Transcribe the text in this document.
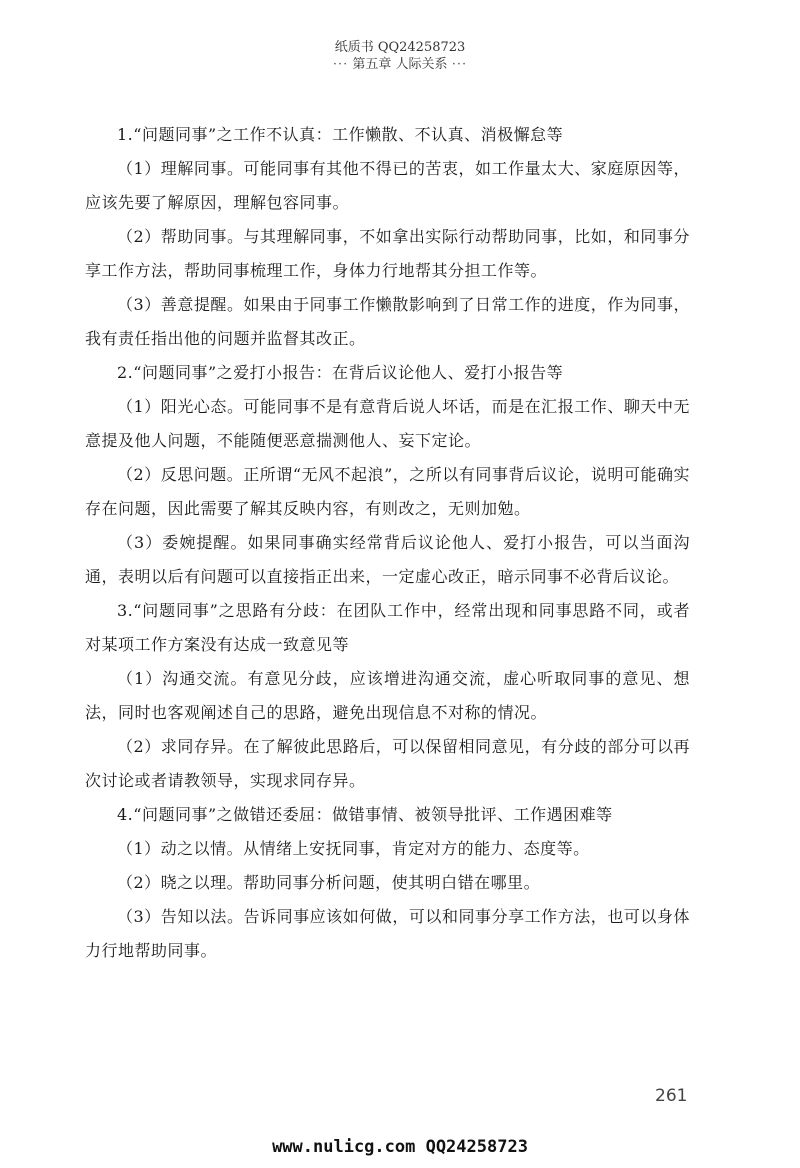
纸质书 QQ24258723
··· 第五章 人际关系 ···

1.“问题同事”之工作不认真：工作懒散、不认真、消极懈怠等

（1）理解同事。可能同事有其他不得已的苦衷，如工作量太大、家庭原因等，应该先要了解原因，理解包容同事。

（2）帮助同事。与其理解同事，不如拿出实际行动帮助同事，比如，和同事分享工作方法，帮助同事梳理工作，身体力行地帮其分担工作等。

（3）善意提醒。如果由于同事工作懒散影响到了日常工作的进度，作为同事，我有责任指出他的问题并监督其改正。

2.“问题同事”之爱打小报告：在背后议论他人、爱打小报告等

（1）阳光心态。可能同事不是有意背后说人坏话，而是在汇报工作、聊天中无意提及他人问题，不能随便恶意揣测他人、妄下定论。

（2）反思问题。正所谓“无风不起浪”，之所以有同事背后议论，说明可能确实存在问题，因此需要了解其反映内容，有则改之，无则加勉。

（3）委婉提醒。如果同事确实经常背后议论他人、爱打小报告，可以当面沟通，表明以后有问题可以直接指正出来，一定虚心改正，暗示同事不必背后议论。

3.“问题同事”之思路有分歧：在团队工作中，经常出现和同事思路不同，或者对某项工作方案没有达成一致意见等

（1）沟通交流。有意见分歧，应该增进沟通交流，虚心听取同事的意见、想法，同时也客观阐述自己的思路，避免出现信息不对称的情况。

（2）求同存异。在了解彼此思路后，可以保留相同意见，有分歧的部分可以再次讨论或者请教领导，实现求同存异。

4.“问题同事”之做错还委屈：做错事情、被领导批评、工作遇困难等

（1）动之以情。从情绪上安抚同事，肯定对方的能力、态度等。

（2）晓之以理。帮助同事分析问题，使其明白错在哪里。

（3）告知以法。告诉同事应该如何做，可以和同事分享工作方法，也可以身体力行地帮助同事。

261
www.nulicg.com QQ24258723
